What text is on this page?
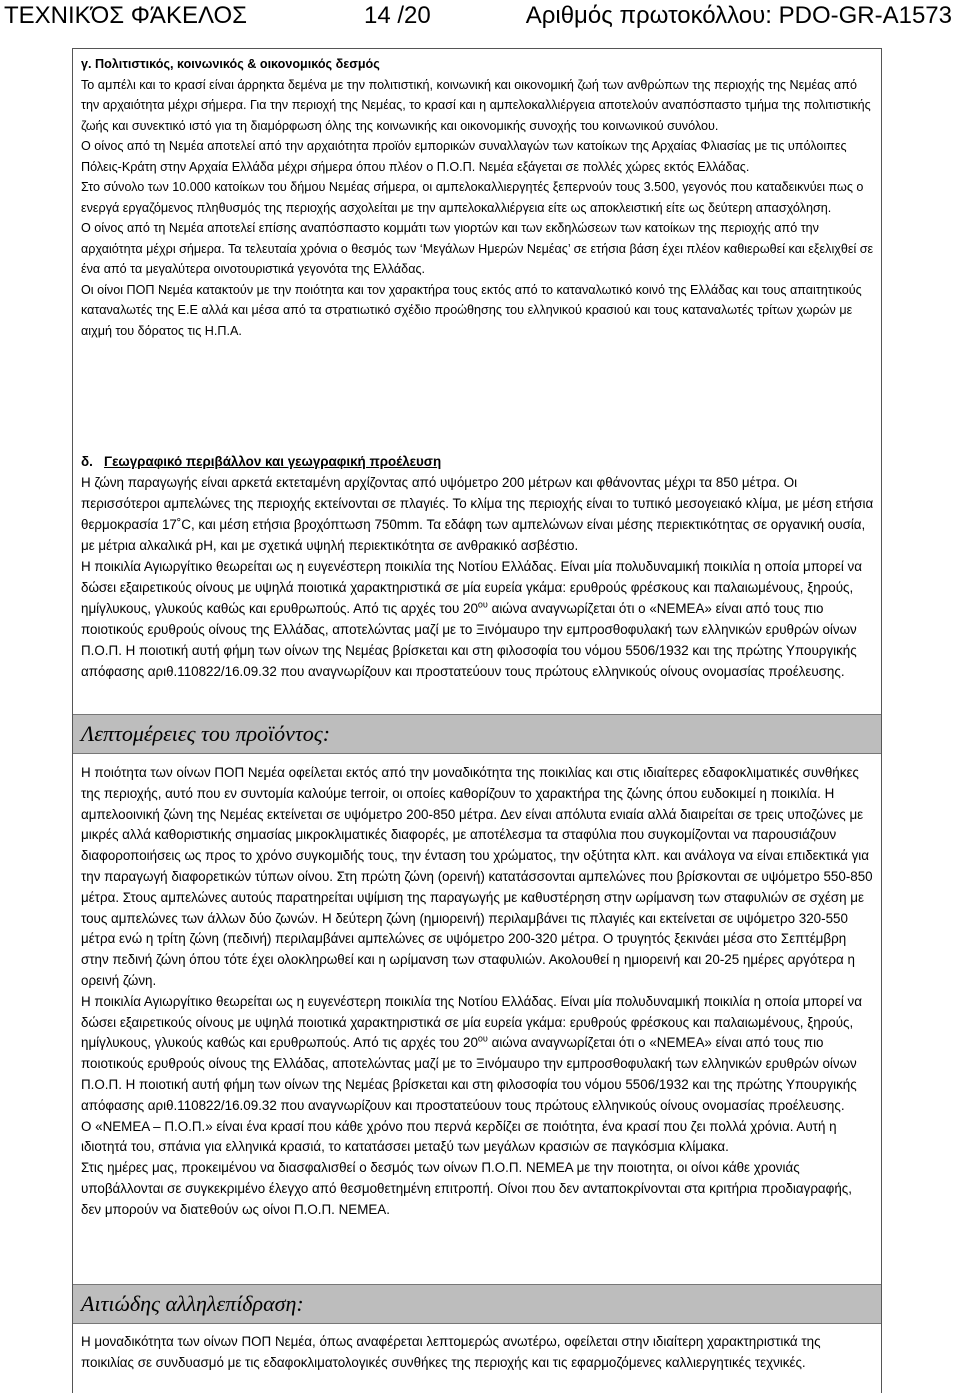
ΤΕΧΝΙΚΌΣ ΦΆΚΕΛΟΣ	14 /20	Αριθμός πρωτοκόλλου: PDO-GR-A1573

γ. Πολιτιστικός, κοινωνικός & οικονομικός δεσμός

Το αμπέλι και το κρασί είναι άρρηκτα δεμένα με την πολιτιστική, κοινωνική και οικονομική ζωή των ανθρώπων της περιοχής της Νεμέας από την αρχαιότητα μέχρι σήμερα. Για την περιοχή της Νεμέας, το κρασί και η αμπελοκαλλιέργεια αποτελούν αναπόσπαστο τμήμα της πολιτιστικής ζωής και συνεκτικό ιστό για τη διαμόρφωση όλης της κοινωνικής και οικονομικής συνοχής του κοινωνικού συνόλου.

Ο οίνος από τη Νεμέα αποτελεί από την αρχαιότητα προϊόν εμπορικών συναλλαγών των κατοίκων της Αρχαίας Φλιασίας με τις υπόλοιπες Πόλεις-Κράτη στην Αρχαία Ελλάδα μέχρι σήμερα όπου πλέον ο Π.Ο.Π. Νεμέα εξάγεται σε πολλές χώρες εκτός Ελλάδας.

Στο σύνολο των 10.000 κατοίκων του δήμου Νεμέας σήμερα, οι αμπελοκαλλιεργητές ξεπερνούν τους 3.500, γεγονός που καταδεικνύει πως ο ενεργά εργαζόμενος πληθυσμός της περιοχής ασχολείται με την αμπελοκαλλιέργεια είτε ως αποκλειστική είτε ως δεύτερη απασχόληση.

Ο οίνος από τη Νεμέα αποτελεί επίσης αναπόσπαστο κομμάτι των γιορτών και των εκδηλώσεων των κατοίκων της περιοχής από την αρχαιότητα μέχρι σήμερα. Τα τελευταία χρόνια ο θεσμός των ‘Μεγάλων Ημερών Νεμέας’ σε ετήσια βάση έχει πλέον καθιερωθεί και εξελιχθεί σε ένα από τα μεγαλύτερα οινοτουριστικά γεγονότα της Ελλάδας.

Οι οίνοι ΠΟΠ Νεμέα κατακτούν με την ποιότητα και τον χαρακτήρα τους εκτός από το καταναλωτικό κοινό της Ελλάδας και τους απαιτητικούς καταναλωτές της Ε.Ε αλλά και μέσα από τα στρατιωτικό σχέδιο προώθησης του ελληνικού κρασιού και τους καταναλωτές τρίτων χωρών με αιχμή του δόρατος τις Η.Π.Α.

δ. Γεωγραφικό περιβάλλον και γεωγραφική προέλευση

Η ζώνη παραγωγής είναι αρκετά εκτεταμένη αρχίζοντας από υψόμετρο 200 μέτρων και φθάνοντας μέχρι τα 850 μέτρα. Οι περισσότεροι αμπελώνες της περιοχής εκτείνονται σε πλαγιές. Το κλίμα της περιοχής είναι το τυπικό μεσογειακό κλίμα, με μέση ετήσια θερμοκρασία 17˚C, και μέση ετήσια βροχόπτωση 750mm. Τα εδάφη των αμπελώνων είναι μέσης περιεκτικότητας σε οργανική ουσία, με μέτρια αλκαλικά pH, και με σχετικά υψηλή περιεκτικότητα σε ανθρακικό ασβέστιο.

Η ποικιλία Αγιωργίτικο θεωρείται ως η ευγενέστερη ποικιλία της Νοτίου Ελλάδας. Είναι μία πολυδυναμική ποικιλία η οποία μπορεί να δώσει εξαιρετικούς οίνους με υψηλά ποιοτικά χαρακτηριστικά σε μία ευρεία γκάμα: ερυθρούς φρέσκους και παλαιωμένους, ξηρούς, ημίγλυκους, γλυκούς καθώς και ερυθρωπούς. Από τις αρχές του $20^{o\upsilon}$ αιώνα αναγνωρίζεται ότι ο «ΝΕΜΕΑ» είναι από τους πιο ποιοτικούς ερυθρούς οίνους της Ελλάδας, αποτελώντας μαζί με το Ξινόμαυρο την εμπροσθοφυλακή των ελληνικών ερυθρών οίνων Π.Ο.Π. Η ποιοτική αυτή φήμη των οίνων της Νεμέας βρίσκεται και στη φιλοσοφία του νόμου 5506/1932 και της πρώτης Υπουργικής απόφασης αριθ.110822/16.09.32 που αναγνωρίζουν και προστατεύουν τους πρώτους ελληνικούς οίνους ονομασίας προέλευσης.

Λεπτομέρειες του προϊόντος:

Η ποιότητα των οίνων ΠΟΠ Νεμέα οφείλεται εκτός από την μοναδικότητα της ποικιλίας και στις ιδιαίτερες εδαφοκλιματικές συνθήκες της περιοχής, αυτό που εν συντομία καλούμε terroir, οι οποίες καθορίζουν το χαρακτήρα της ζώνης όπου ευδοκιμεί η ποικιλία. Η αμπελοοινική ζώνη της Νεμέας εκτείνεται σε υψόμετρο 200-850 μέτρα. Δεν είναι απόλυτα ενιαία αλλά διαιρείται σε τρεις υποζώνες με μικρές αλλά καθοριστικής σημασίας μικροκλιματικές διαφορές, με αποτέλεσμα τα σταφύλια που συγκομίζονται να παρουσιάζουν διαφοροποιήσεις ως προς το χρόνο συγκομιδής τους, την ένταση του χρώματος, την οξύτητα κλπ. και ανάλογα να είναι επιδεκτικά για την παραγωγή διαφορετικών τύπων οίνου. Στη πρώτη ζώνη (ορεινή) κατατάσσονται αμπελώνες που βρίσκονται σε υψόμετρο 550-850 μέτρα. Στους αμπελώνες αυτούς παρατηρείται υψίμιση της παραγωγής με καθυστέρηση στην ωρίμανση των σταφυλιών σε σχέση με τους αμπελώνες των άλλων δύο ζωνών. Η δεύτερη ζώνη (ημιορεινή) περιλαμβάνει τις πλαγιές και εκτείνεται σε υψόμετρο 320-550 μέτρα ενώ η τρίτη ζώνη (πεδινή) περιλαμβάνει αμπελώνες σε υψόμετρο 200-320 μέτρα. Ο τρυγητός ξεκινάει μέσα στο Σεπτέμβρη στην πεδινή ζώνη όπου τότε έχει ολοκληρωθεί και η ωρίμανση των σταφυλιών. Ακολουθεί η ημιορεινή και 20-25 ημέρες αργότερα η ορεινή ζώνη.

Η ποικιλία Αγιωργίτικο θεωρείται ως η ευγενέστερη ποικιλία της Νοτίου Ελλάδας. Είναι μία πολυδυναμική ποικιλία η οποία μπορεί να δώσει εξαιρετικούς οίνους με υψηλά ποιοτικά χαρακτηριστικά σε μία ευρεία γκάμα: ερυθρούς φρέσκους και παλαιωμένους, ξηρούς, ημίγλυκους, γλυκούς καθώς και ερυθρωπούς. Από τις αρχές του $20^{o\upsilon}$ αιώνα αναγνωρίζεται ότι ο «ΝΕΜΕΑ» είναι από τους πιο ποιοτικούς ερυθρούς οίνους της Ελλάδας, αποτελώντας μαζί με το Ξινόμαυρο την εμπροσθοφυλακή των ελληνικών ερυθρών οίνων Π.Ο.Π. Η ποιοτική αυτή φήμη των οίνων της Νεμέας βρίσκεται και στη φιλοσοφία του νόμου 5506/1932 και της πρώτης Υπουργικής απόφασης αριθ.110822/16.09.32 που αναγνωρίζουν και προστατεύουν τους πρώτους ελληνικούς οίνους ονομασίας προέλευσης.

Ο «ΝΕΜΕΑ – Π.Ο.Π.» είναι ένα κρασί που κάθε χρόνο που περνά κερδίζει σε ποιότητα, ένα κρασί που ζει πολλά χρόνια. Αυτή η ιδιοτητά του, σπάνια για ελληνικά κρασιά, το κατατάσσει μεταξύ των μεγάλων κρασιών σε παγκόσμια κλίμακα.

Στις ημέρες μας, προκειμένου να διασφαλισθεί ο δεσμός των οίνων Π.Ο.Π. ΝΕΜΕΑ με την ποιοτητα, οι οίνοι κάθε χρονιάς υποβάλλονται σε συγκεκριμένο έλεγχο από θεσμοθετημένη επιτροπή. Οίνοι που δεν ανταποκρίνονται στα κριτήρια προδιαγραφής, δεν μπορούν να διατεθούν ως οίνοι Π.Ο.Π. ΝΕΜΕΑ.

Αιτιώδης αλληλεπίδραση:

Η μοναδικότητα των οίνων ΠΟΠ Νεμέα, όπως αναφέρεται λεπτομερώς ανωτέρω, οφείλεται στην ιδιαίτερη χαρακτηριστικά της ποικιλίας σε συνδυασμό με τις εδαφοκλιματολογικές συνθήκες της περιοχής και τις εφαρμοζόμενες καλλιεργητικές τεχνικές.
